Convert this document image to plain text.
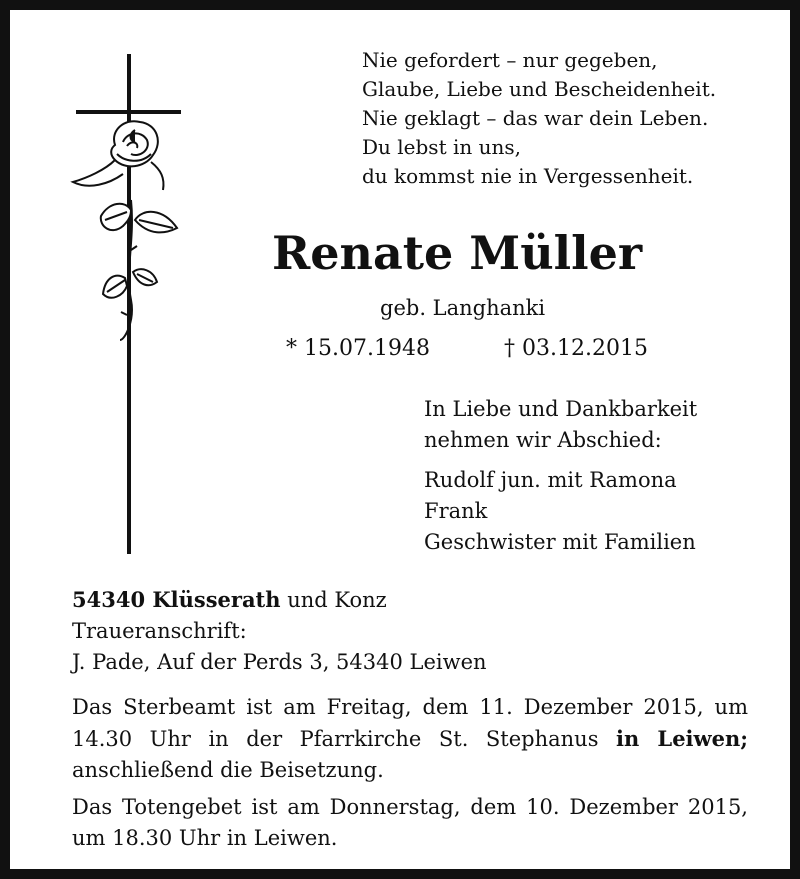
Nie gefordert – nur gegeben,
Glaube, Liebe und Bescheidenheit.
Nie geklagt – das war dein Leben.
Du lebst in uns,
du kommst nie in Vergessenheit.
Renate Müller
geb. Langhanki
* 15.07.1948	† 03.12.2015
In Liebe und Dankbarkeit
nehmen wir Abschied:
Rudolf jun. mit Ramona
Frank
Geschwister mit Familien
54340 Klüsserath und Konz
Traueranschrift:
J. Pade, Auf der Perds 3, 54340 Leiwen

Das Sterbeamt ist am Freitag, dem 11. Dezember 2015, um 14.30 Uhr in der Pfarrkirche St. Stephanus in Leiwen; anschließend die Beisetzung.

Das Totengebet ist am Donnerstag, dem 10. Dezember 2015, um 18.30 Uhr in Leiwen.
